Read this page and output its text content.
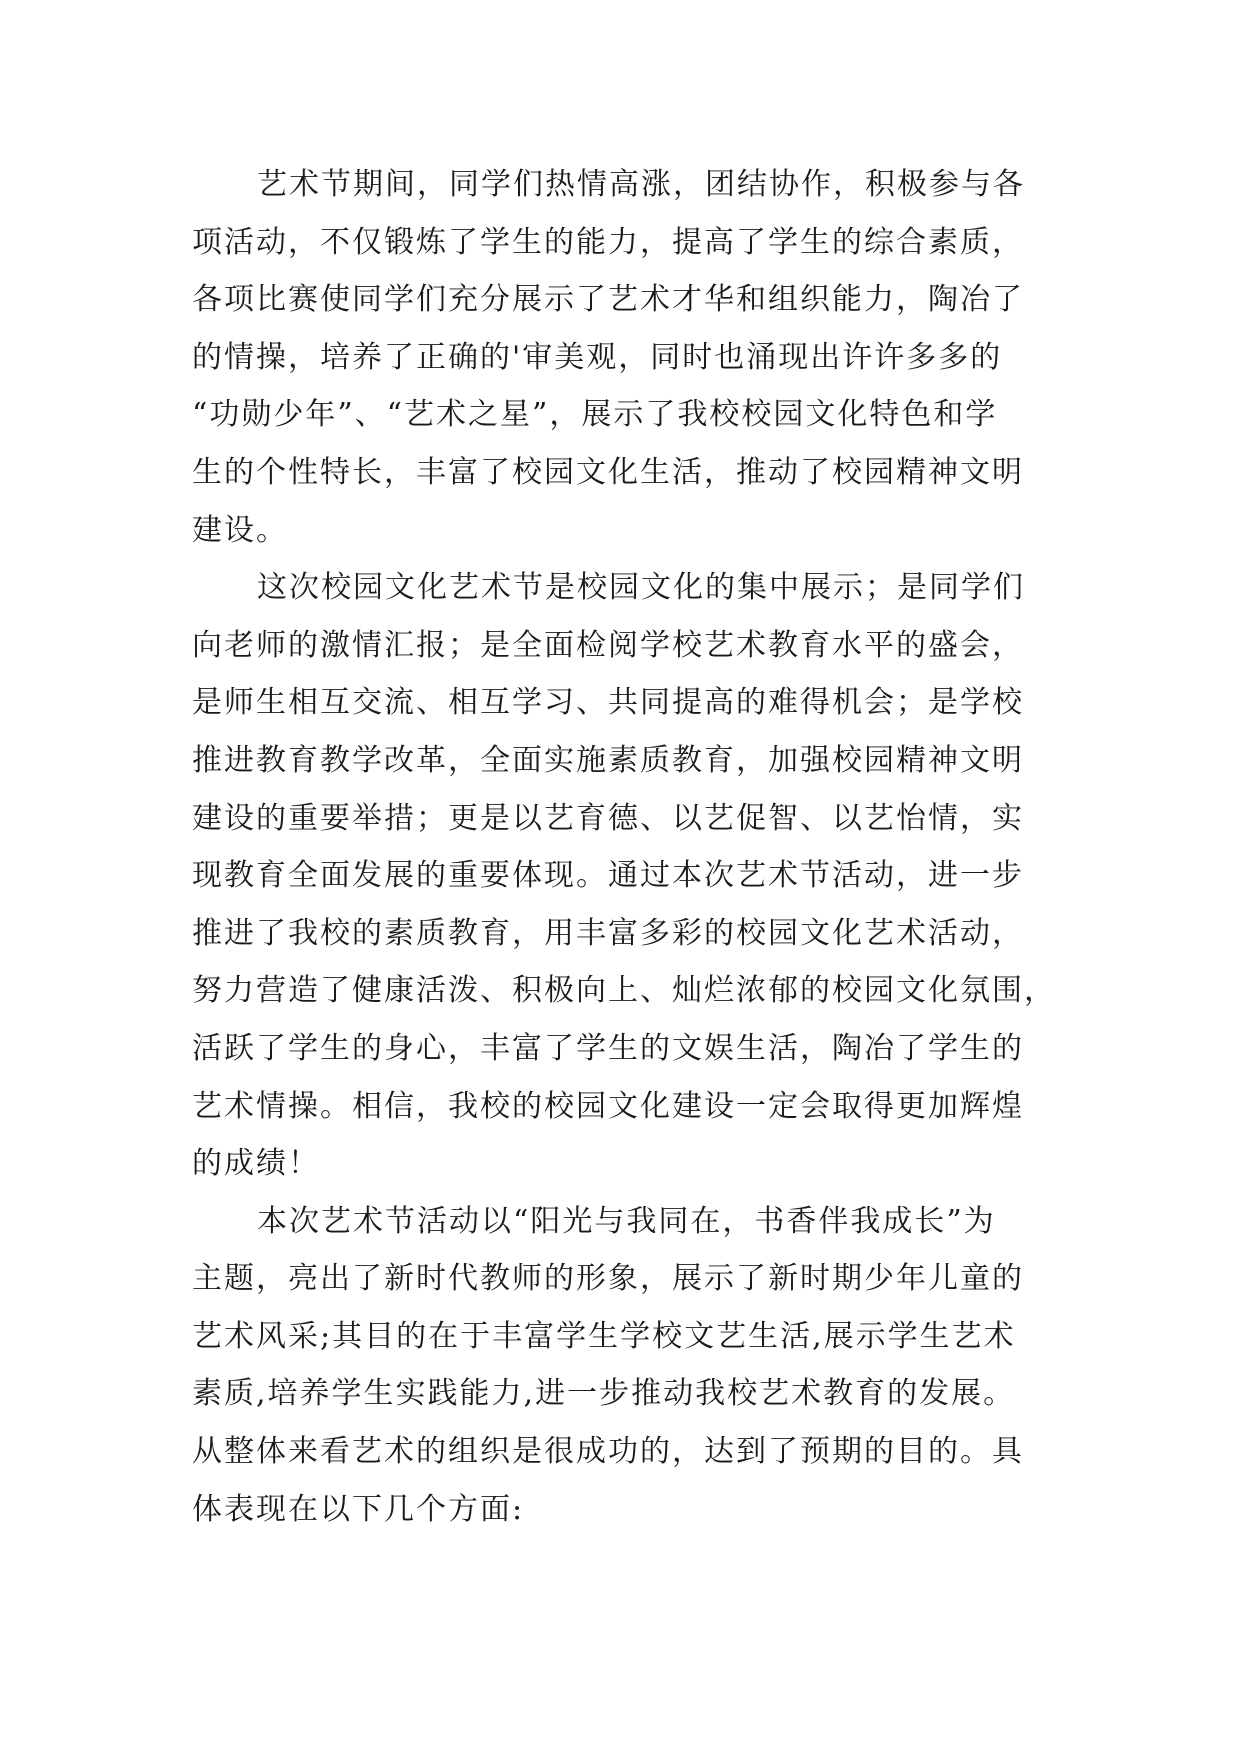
艺术节期间，同学们热情高涨，团结协作，积极参与各
项活动，不仅锻炼了学生的能力，提高了学生的综合素质，
各项比赛使同学们充分展示了艺术才华和组织能力，陶冶了
的情操，培养了正确的'审美观，同时也涌现出许许多多的
“功勋少年”、“艺术之星”，展示了我校校园文化特色和学
生的个性特长，丰富了校园文化生活，推动了校园精神文明
建设。
这次校园文化艺术节是校园文化的集中展示；是同学们
向老师的激情汇报；是全面检阅学校艺术教育水平的盛会，
是师生相互交流、相互学习、共同提高的难得机会；是学校
推进教育教学改革，全面实施素质教育，加强校园精神文明
建设的重要举措；更是以艺育德、以艺促智、以艺怡情，实
现教育全面发展的重要体现。通过本次艺术节活动，进一步
推进了我校的素质教育，用丰富多彩的校园文化艺术活动，
努力营造了健康活泼、积极向上、灿烂浓郁的校园文化氛围，
活跃了学生的身心，丰富了学生的文娱生活，陶冶了学生的
艺术情操。相信，我校的校园文化建设一定会取得更加辉煌
的成绩！
本次艺术节活动以“阳光与我同在，书香伴我成长”为
主题，亮出了新时代教师的形象，展示了新时期少年儿童的
艺术风采;其目的在于丰富学生学校文艺生活,展示学生艺术
素质,培养学生实践能力,进一步推动我校艺术教育的发展。
从整体来看艺术的组织是很成功的，达到了预期的目的。具
体表现在以下几个方面:
